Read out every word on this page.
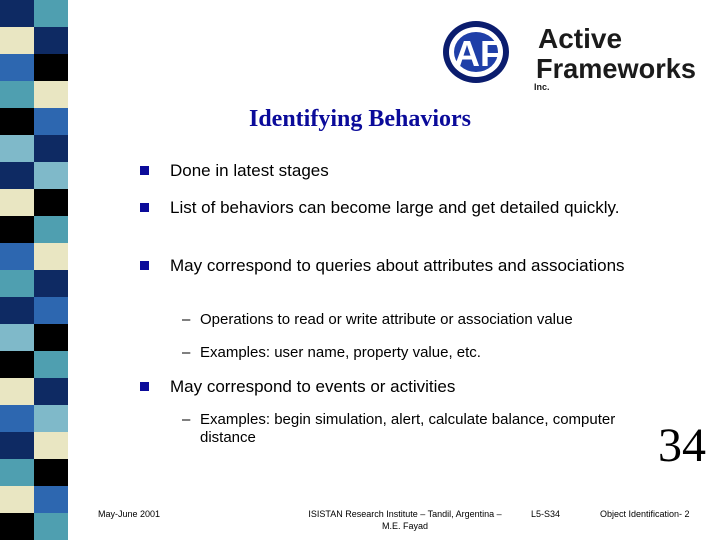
AF Active
Frameworks
Inc.
Identifying Behaviors
Done in latest stages
List of behaviors can become large and get detailed quickly.
May correspond to queries about attributes and associations
– Operations to read or write attribute or association value
– Examples: user name, property value, etc.
May correspond to events or activities
– Examples: begin simulation, alert, calculate balance, computer distance	34
May-June 2001	ISISTAN Research Institute – Tandil, Argentina – M.E. Fayad
L5-S34	Object Identification- 2
